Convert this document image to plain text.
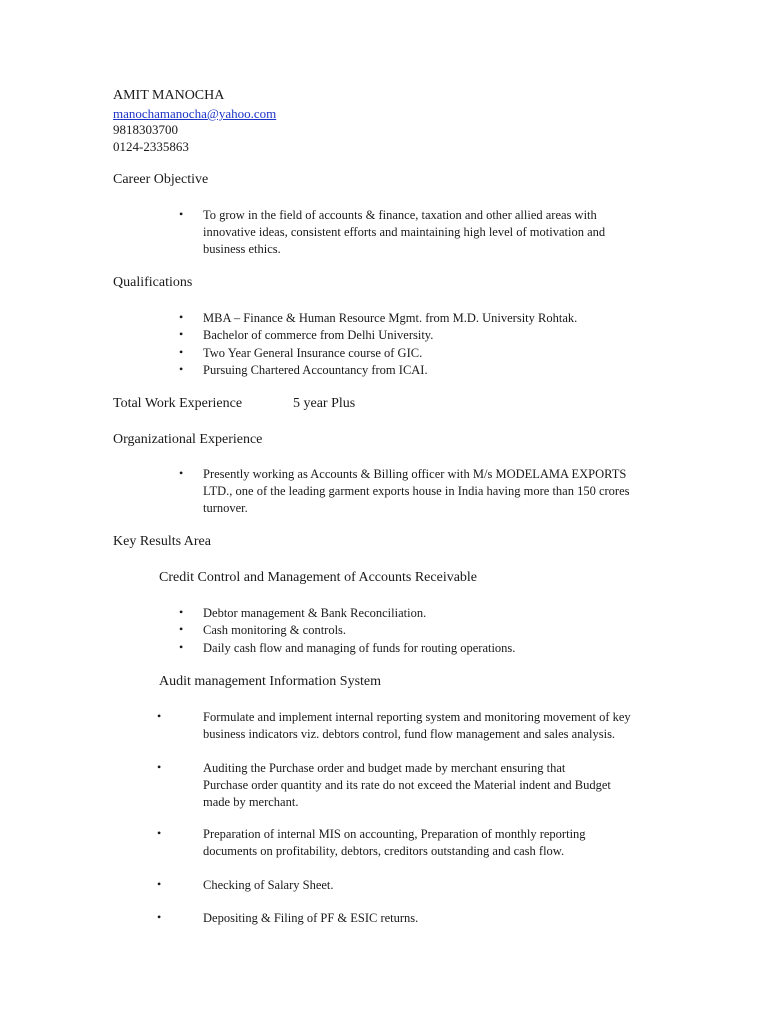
AMIT MANOCHA
manochamanocha@yahoo.com
9818303700
0124-2335863
Career Objective
• To grow in the field of accounts & finance, taxation and other allied areas with
innovative ideas, consistent efforts and maintaining high level of motivation and
business ethics.
Qualifications
• MBA – Finance & Human Resource Mgmt. from M.D. University Rohtak.
• Bachelor of commerce from Delhi University.
• Two Year General Insurance course of GIC.
• Pursuing Chartered Accountancy from ICAI.
Total Work Experience	5 year Plus
Organizational Experience
• Presently working as Accounts & Billing officer with M/s MODELAMA EXPORTS
LTD., one of the leading garment exports house in India having more than 150 crores
turnover.
Key Results Area
Credit Control and Management of Accounts Receivable
• Debtor management & Bank Reconciliation.
• Cash monitoring & controls.
• Daily cash flow and managing of funds for routing operations.
Audit management Information System
•	Formulate and implement internal reporting system and monitoring movement of key
business indicators viz. debtors control, fund flow management and sales analysis.
•	Auditing the Purchase order and budget made by merchant ensuring that
Purchase order quantity and its rate do not exceed the Material indent and Budget
made by merchant.
•	Preparation of internal MIS on accounting, Preparation of monthly reporting
documents on profitability, debtors, creditors outstanding and cash flow.
•	Checking of Salary Sheet.
•	Depositing & Filing of PF & ESIC returns.
